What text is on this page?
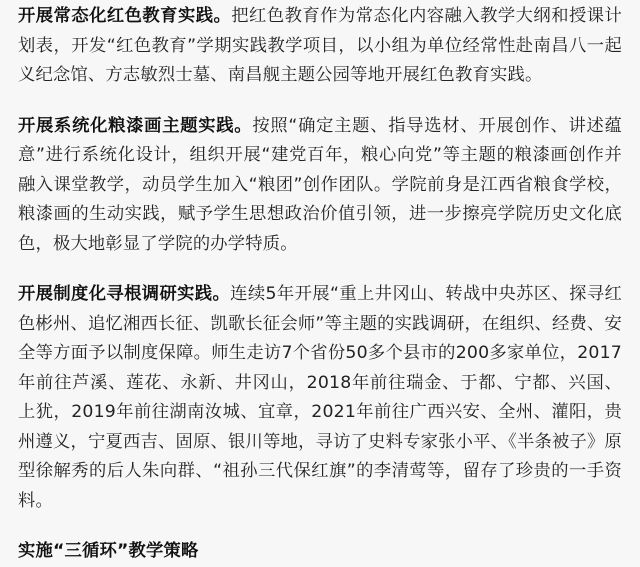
开展常态化红色教育实践。把红色教育作为常态化内容融入教学大纲和授课计划表，开发“红色教育”学期实践教学项目，以小组为单位经常性赴南昌八一起义纪念馆、方志敏烈士墓、南昌舰主题公园等地开展红色教育实践。

开展系统化粮漆画主题实践。按照“确定主题、指导选材、开展创作、讲述蕴意”进行系统化设计，组织开展“建党百年，粮心向党”等主题的粮漆画创作并融入课堂教学，动员学生加入“粮团”创作团队。学院前身是江西省粮食学校，粮漆画的生动实践，赋予学生思想政治价值引领，进一步擦亮学院历史文化底色，极大地彰显了学院的办学特质。

开展制度化寻根调研实践。连续5年开展“重上井冈山、转战中央苏区、探寻红色彬州、追忆湘西长征、凯歌长征会师”等主题的实践调研，在组织、经费、安全等方面予以制度保障。师生走访7个省份50多个县市的200多家单位，2017年前往芦溪、莲花、永新、井冈山，2018年前往瑞金、于都、宁都、兴国、上犹，2019年前往湖南汝城、宜章，2021年前往广西兴安、全州、灌阳，贵州遵义，宁夏西吉、固原、银川等地，寻访了史料专家张小平、《半条被子》原型徐解秀的后人朱向群、“祖孙三代保红旗”的李清莺等，留存了珍贵的一手资料。

实施“三循环”教学策略
